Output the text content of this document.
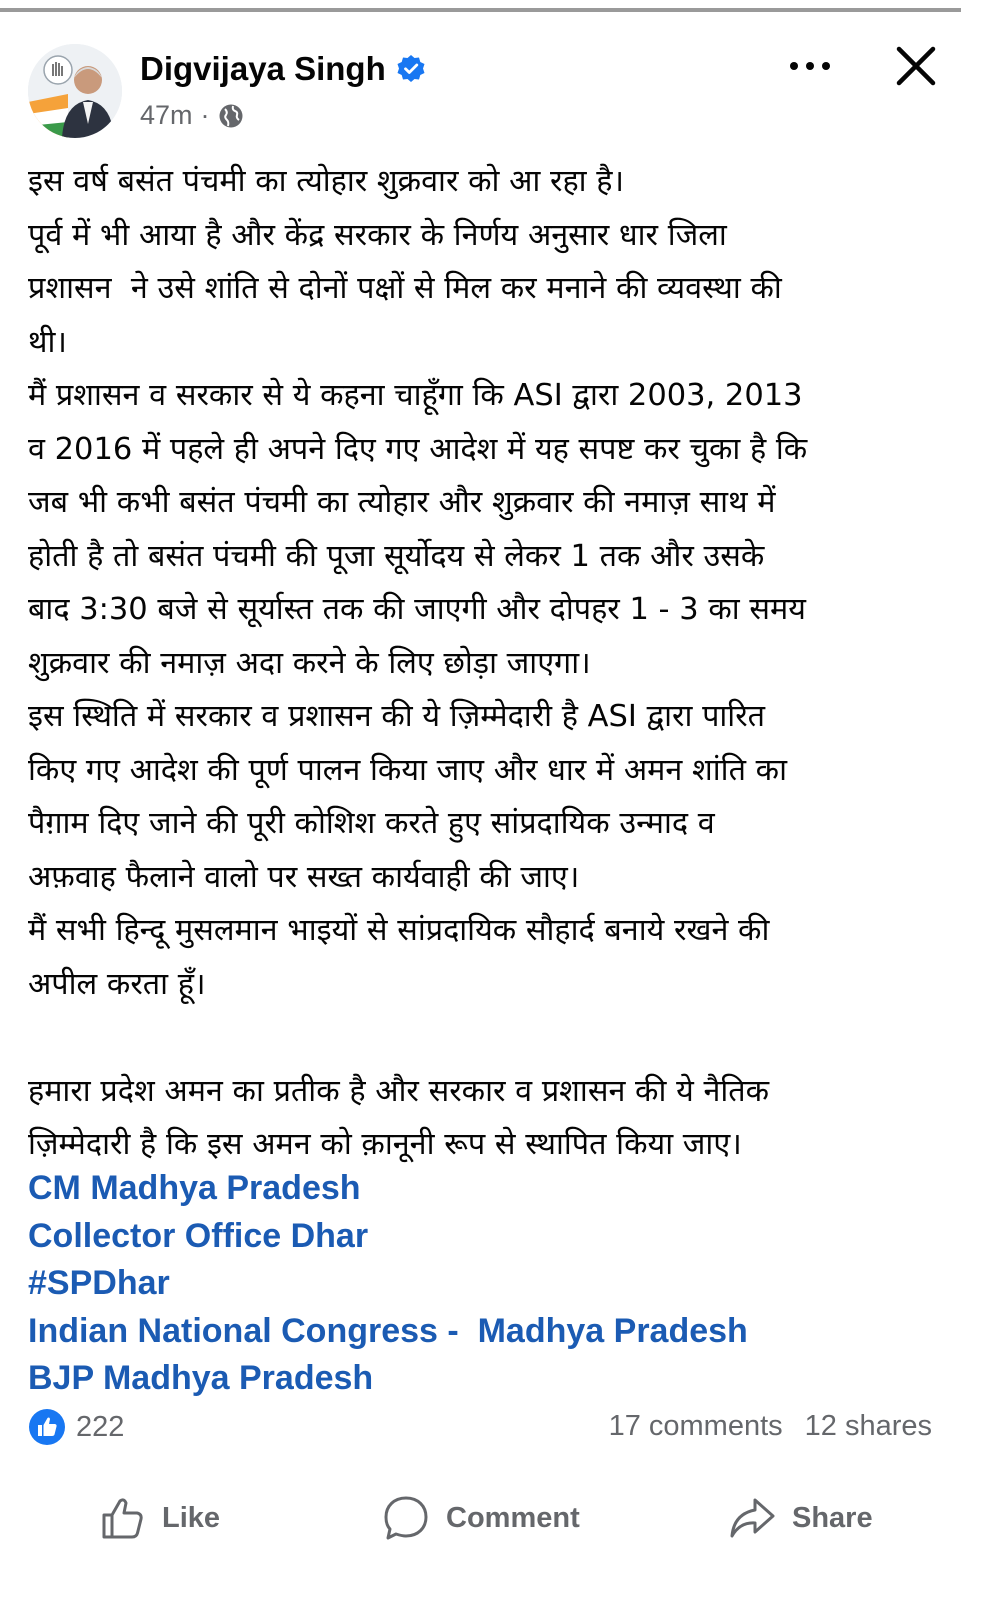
Digvijaya Singh
47m ·

इस वर्ष बसंत पंचमी का त्योहार शुक्रवार को आ रहा है।

पूर्व में भी आया है और केंद्र सरकार के निर्णय अनुसार धार जिला

प्रशासन  ने उसे शांति से दोनों पक्षों से मिल कर मनाने की व्यवस्था की

थी।

मैं प्रशासन व सरकार से ये कहना चाहूँगा कि ASI द्वारा 2003, 2013

व 2016 में पहले ही अपने दिए गए आदेश में यह सपष्ट कर चुका है कि

जब भी कभी बसंत पंचमी का त्योहार और शुक्रवार की नमाज़ साथ में

होती है तो बसंत पंचमी की पूजा सूर्योदय से लेकर 1 तक और उसके

बाद 3:30 बजे से सूर्यास्त तक की जाएगी और दोपहर 1 - 3 का समय

शुक्रवार की नमाज़ अदा करने के लिए छोड़ा जाएगा।

इस स्थिति में सरकार व प्रशासन की ये ज़िम्मेदारी है ASI द्वारा पारित

किए गए आदेश की पूर्ण पालन किया जाए और धार में अमन शांति का

पैग़ाम दिए जाने की पूरी कोशिश करते हुए सांप्रदायिक उन्माद व

अफ़वाह फैलाने वालो पर सख्त कार्यवाही की जाए।

मैं सभी हिन्दू मुसलमान भाइयों से सांप्रदायिक सौहार्द बनाये रखने की

अपील करता हूँ।

हमारा प्रदेश अमन का प्रतीक है और सरकार व प्रशासन की ये नैतिक

ज़िम्मेदारी है कि इस अमन को क़ानूनी रूप से स्थापित किया जाए।

CM Madhya Pradesh
Collector Office Dhar
#SPDhar
Indian National Congress -  Madhya Pradesh
BJP Madhya Pradesh
222	17 comments 12 shares
Like	Comment	Share
